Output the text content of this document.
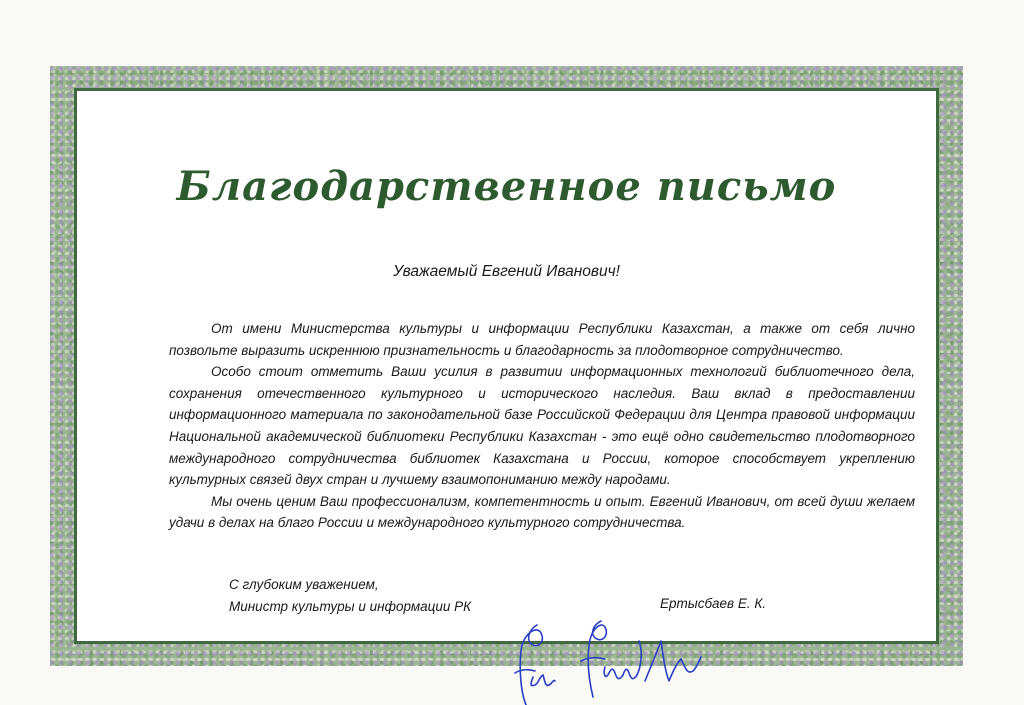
Благодарственное письмо
Уважаемый Евгений Иванович!

От имени Министерства культуры и информации Республики Казахстан, а также от себя лично позвольте выразить искреннюю признательность и благодарность за плодотворное сотрудничество.

Особо стоит отметить Ваши усилия в развитии информационных технологий библиотечного дела, сохранения отечественного культурного и исторического наследия. Ваш вклад в предоставлении информационного материала по законодательной базе Российской Федерации для Центра правовой информации Национальной академической библиотеки Республики Казахстан - это ещё одно свидетельство плодотворного международного сотрудничества библиотек Казахстана и России, которое способствует укреплению культурных связей двух стран и лучшему взаимопониманию между народами.

Мы очень ценим Ваш профессионализм, компетентность и опыт. Евгений Иванович, от всей души желаем удачи в делах на благо России и международного культурного сотрудничества.

С глубоким уважением,
Министр культуры и информации РК	Ертысбаев Е. К.
